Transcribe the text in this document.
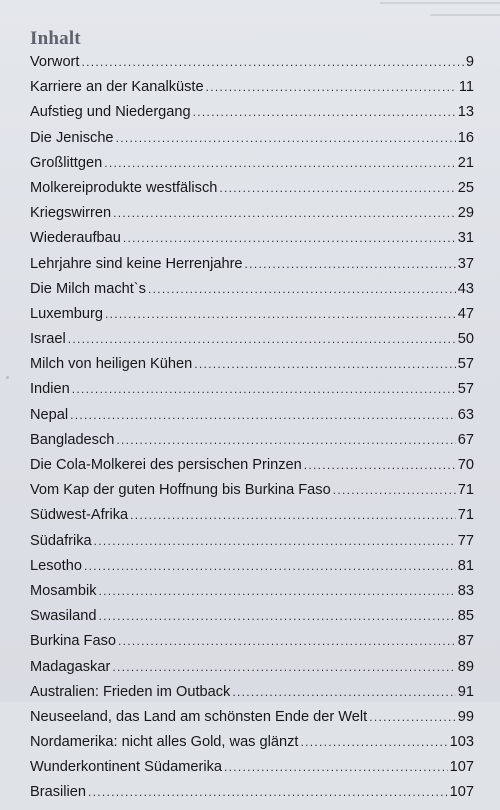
Inhalt
Vorwort .....	9
Karriere an der Kanalküste .....	11
Aufstieg und Niedergang .....	13
Die Jenische .....	16
Großlittgen .....	21
Molkereiprodukte westfälisch .....	25
Kriegswirren .....	29
Wiederaufbau .....	31
Lehrjahre sind keine Herrenjahre .....	37
Die Milch macht`s .....	43
Luxemburg .....	47
Israel .....	50
Milch von heiligen Kühen .....	57
Indien .....	57
Nepal .....	63
Bangladesch .....	67
Die Cola-Molkerei des persischen Prinzen .....	70
Vom Kap der guten Hoffnung bis Burkina Faso .....	71
Südwest-Afrika .....	71
Südafrika .....	77
Lesotho .....	81
Mosambik .....	83
Swasiland .....	85
Burkina Faso .....	87
Madagaskar .....	89
Australien: Frieden im Outback .....	91
Neuseeland, das Land am schönsten Ende der Welt .....	99
Nordamerika: nicht alles Gold, was glänzt .....	103
Wunderkontinent Südamerika .....	107
Brasilien .....	107
